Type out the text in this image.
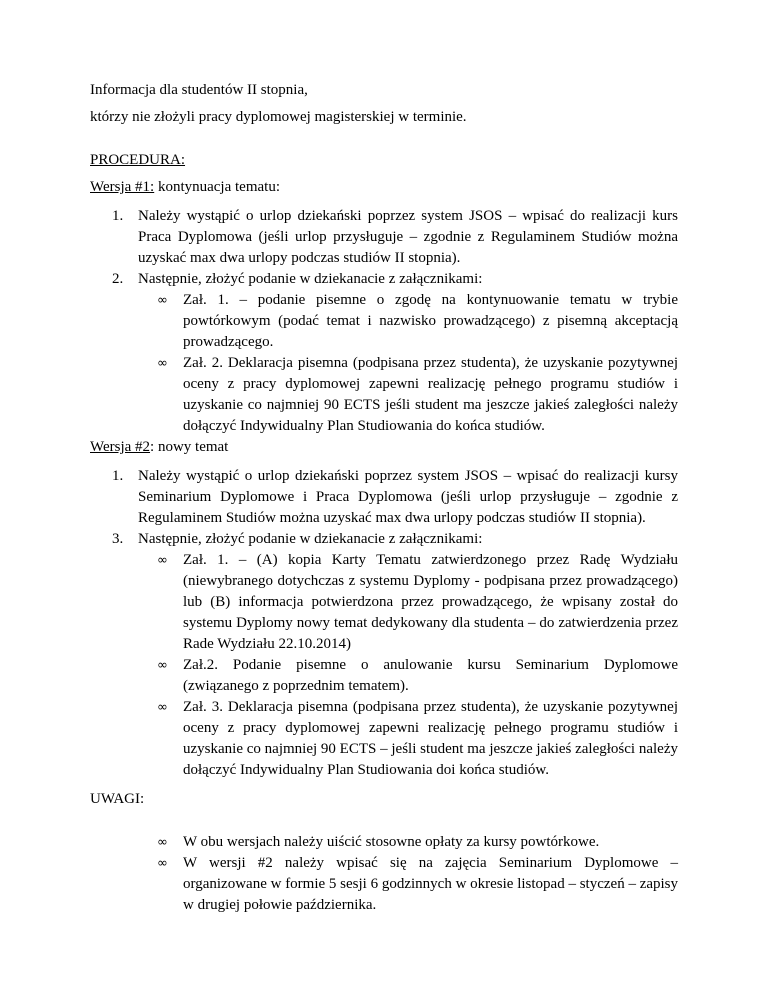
Informacja dla studentów II stopnia,
którzy nie złożyli pracy dyplomowej magisterskiej w terminie.
PROCEDURA:
Wersja #1: kontynuacja tematu:
1. Należy wystąpić o urlop dziekański poprzez system JSOS – wpisać do realizacji kurs Praca Dyplomowa (jeśli urlop przysługuje – zgodnie z Regulaminem Studiów można uzyskać max dwa urlopy podczas studiów II stopnia).
2. Następnie, złożyć podanie w dziekanacie z załącznikami:
∞ Zał. 1. – podanie pisemne o zgodę na kontynuowanie tematu w trybie powtórkowym (podać temat i nazwisko prowadzącego) z pisemną akceptacją prowadzącego.
∞ Zał. 2. Deklaracja pisemna (podpisana przez studenta), że uzyskanie pozytywnej oceny z pracy dyplomowej zapewni realizację pełnego programu studiów i uzyskanie co najmniej 90 ECTS jeśli student ma jeszcze jakieś zaległości należy dołączyć Indywidualny Plan Studiowania do końca studiów.
Wersja #2: nowy temat
1. Należy wystąpić o urlop dziekański poprzez system JSOS – wpisać do realizacji kursy Seminarium Dyplomowe i Praca Dyplomowa (jeśli urlop przysługuje – zgodnie z Regulaminem Studiów można uzyskać max dwa urlopy podczas studiów II stopnia).
3. Następnie, złożyć podanie w dziekanacie z załącznikami:
∞ Zał. 1. – (A) kopia Karty Tematu zatwierdzonego przez Radę Wydziału (niewybranego dotychczas z systemu Dyplomy - podpisana przez prowadzącego) lub (B) informacja potwierdzona przez prowadzącego, że wpisany został do systemu Dyplomy nowy temat dedykowany dla studenta – do zatwierdzenia przez Rade Wydziału 22.10.2014)
∞ Zał.2. Podanie pisemne o anulowanie kursu Seminarium Dyplomowe (związanego z poprzednim tematem).
∞ Zał. 3. Deklaracja pisemna (podpisana przez studenta), że uzyskanie pozytywnej oceny z pracy dyplomowej zapewni realizację pełnego programu studiów i uzyskanie co najmniej 90 ECTS – jeśli student ma jeszcze jakieś zaległości należy dołączyć Indywidualny Plan Studiowania doi końca studiów.
UWAGI:
∞ W obu wersjach należy uiścić stosowne opłaty za kursy powtórkowe.
∞ W wersji #2 należy wpisać się na zajęcia Seminarium Dyplomowe – organizowane w formie 5 sesji 6 godzinnych w okresie listopad – styczeń – zapisy w drugiej połowie października.
